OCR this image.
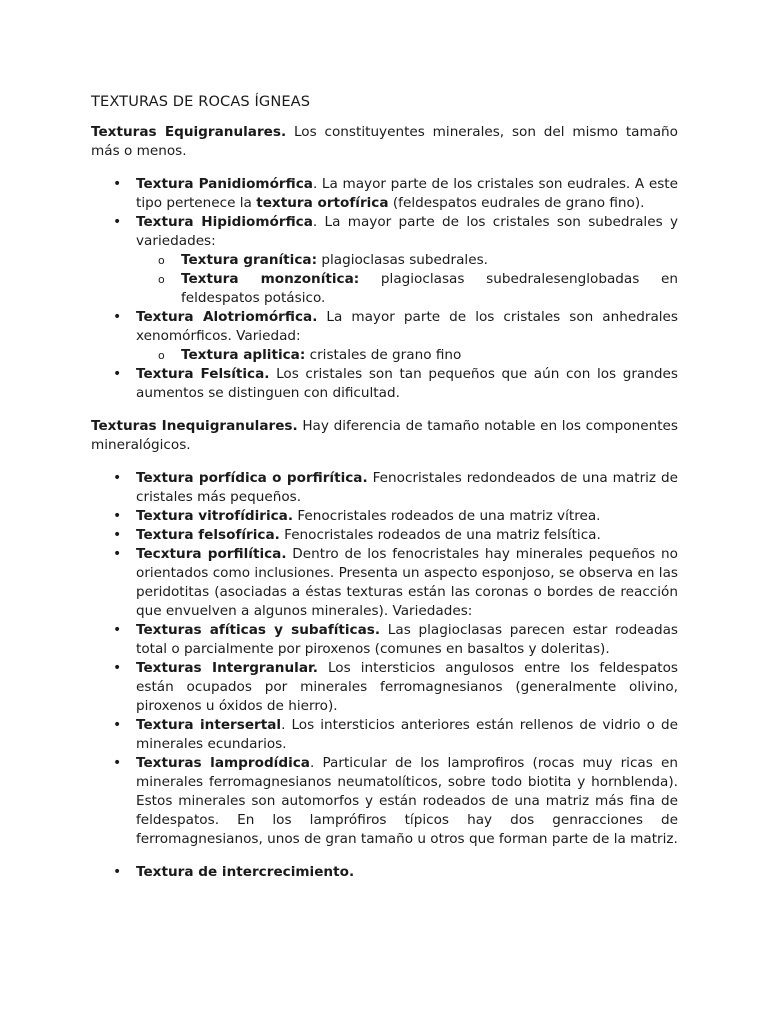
TEXTURAS DE ROCAS ÍGNEAS

Texturas Equigranulares. Los constituyentes minerales, son del mismo tamaño más o menos.

• Textura Panidiomórfica. La mayor parte de los cristales son eudrales. A este tipo pertenece la textura ortofírica (feldespatos eudrales de grano fino).
• Textura Hipidiomórfica. La mayor parte de los cristales son subedrales y variedades:
o Textura granítica: plagioclasas subedrales.
o Textura monzonítica: plagioclasas subedralesenglobadas en feldespatos potásico.
• Textura Alotriomórfica. La mayor parte de los cristales son anhedrales xenomórficos. Variedad:
o Textura aplitica: cristales de grano fino
• Textura Felsítica. Los cristales son tan pequeños que aún con los grandes aumentos se distinguen con dificultad.

Texturas Inequigranulares. Hay diferencia de tamaño notable en los componentes mineralógicos.

• Textura porfídica o porfirítica. Fenocristales redondeados de una matriz de cristales más pequeños.
• Textura vitrofídirica. Fenocristales rodeados de una matriz vítrea.
• Textura felsofírica. Fenocristales rodeados de una matriz felsítica.
• Tecxtura porfilítica. Dentro de los fenocristales hay minerales pequeños no orientados como inclusiones. Presenta un aspecto esponjoso, se observa en las peridotitas (asociadas a éstas texturas están las coronas o bordes de reacción que envuelven a algunos minerales). Variedades:
• Texturas afíticas y subafíticas. Las plagioclasas parecen estar rodeadas total o parcialmente por piroxenos (comunes en basaltos y doleritas).
• Texturas Intergranular. Los intersticios angulosos entre los feldespatos están ocupados por minerales ferromagnesianos (generalmente olivino, piroxenos u óxidos de hierro).
• Textura intersertal. Los intersticios anteriores están rellenos de vidrio o de minerales ecundarios.
• Texturas lamprodídica. Particular de los lamprofiros (rocas muy ricas en minerales ferromagnesianos neumatolíticos, sobre todo biotita y hornblenda). Estos minerales son automorfos y están rodeados de una matriz más fina de feldespatos. En los lamprófiros típicos hay dos genracciones de ferromagnesianos, unos de gran tamaño u otros que forman parte de la matriz.
• Textura de intercrecimiento.
